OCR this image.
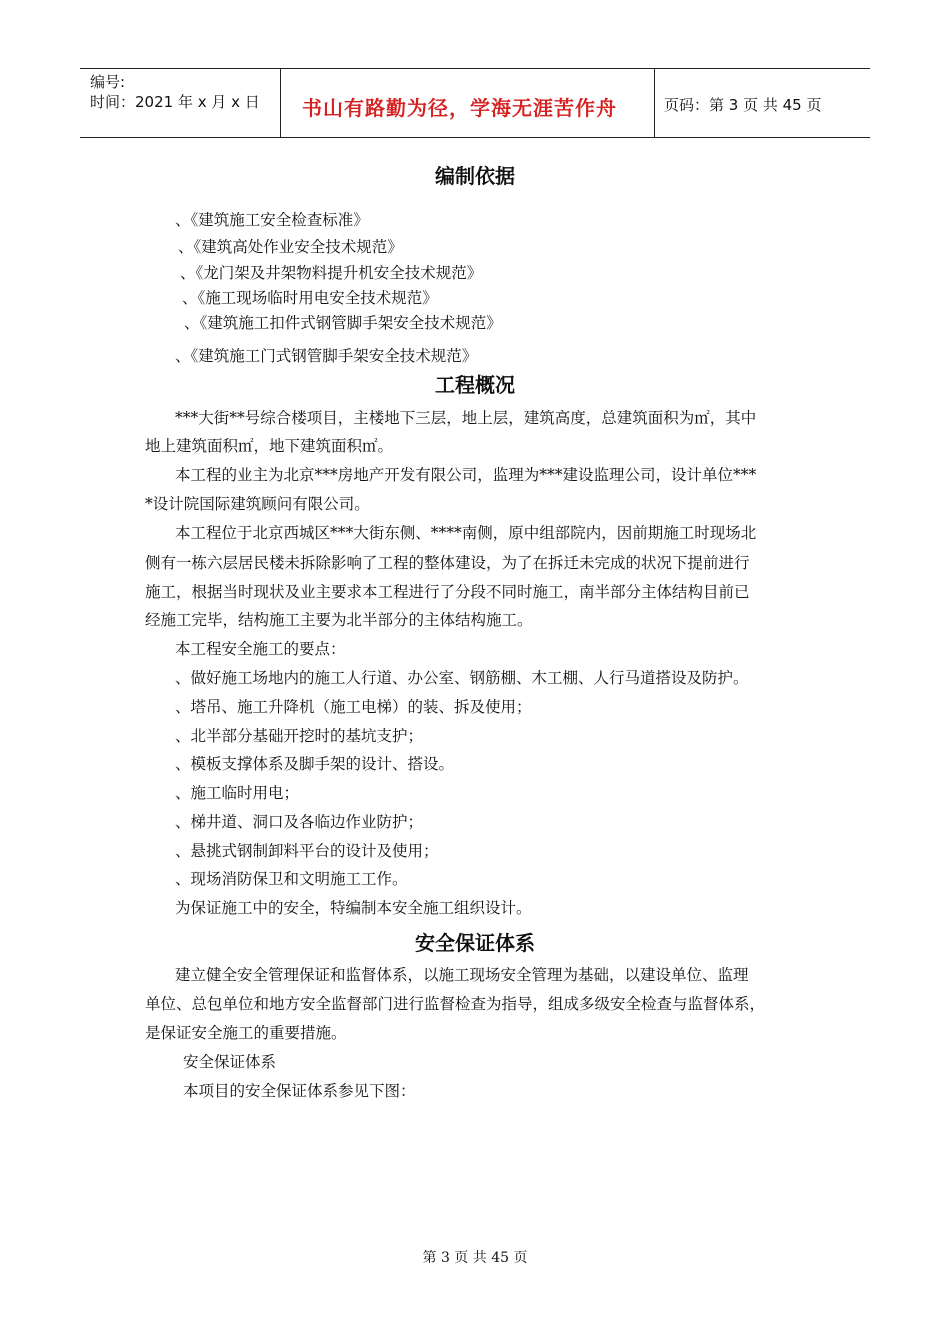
编号:
时间：2021 年 x 月 x 日 书山有路勤为径，学海无涯苦作舟	页码：第 3 页 共 45 页
编制依据
、《建筑施工安全检查标准》
、《建筑高处作业安全技术规范》
、《龙门架及井架物料提升机安全技术规范》
、《施工现场临时用电安全技术规范》
、《建筑施工扣件式钢管脚手架安全技术规范》
、《建筑施工门式钢管脚手架安全技术规范》
工程概况
***大街**号综合楼项目，主楼地下三层，地上层，建筑高度，总建筑面积为㎡，其中
地上建筑面积㎡，地下建筑面积㎡。
本工程的业主为北京***房地产开发有限公司，监理为***建设监理公司，设计单位***
*设计院国际建筑顾问有限公司。
本工程位于北京西城区***大街东侧、****南侧，原中组部院内，因前期施工时现场北
侧有一栋六层居民楼未拆除影响了工程的整体建设，为了在拆迁未完成的状况下提前进行
施工，根据当时现状及业主要求本工程进行了分段不同时施工，南半部分主体结构目前已
经施工完毕，结构施工主要为北半部分的主体结构施工。
本工程安全施工的要点：
、做好施工场地内的施工人行道、办公室、钢筋棚、木工棚、人行马道搭设及防护。
、塔吊、施工升降机（施工电梯）的装、拆及使用；
、北半部分基础开挖时的基坑支护；
、模板支撑体系及脚手架的设计、搭设。
、施工临时用电；
、梯井道、洞口及各临边作业防护；
、悬挑式钢制卸料平台的设计及使用；
、现场消防保卫和文明施工工作。
为保证施工中的安全，特编制本安全施工组织设计。
安全保证体系
建立健全安全管理保证和监督体系，以施工现场安全管理为基础，以建设单位、监理
单位、总包单位和地方安全监督部门进行监督检查为指导，组成多级安全检查与监督体系，
是保证安全施工的重要措施。
安全保证体系
本项目的安全保证体系参见下图：
第 3 页 共 45 页
